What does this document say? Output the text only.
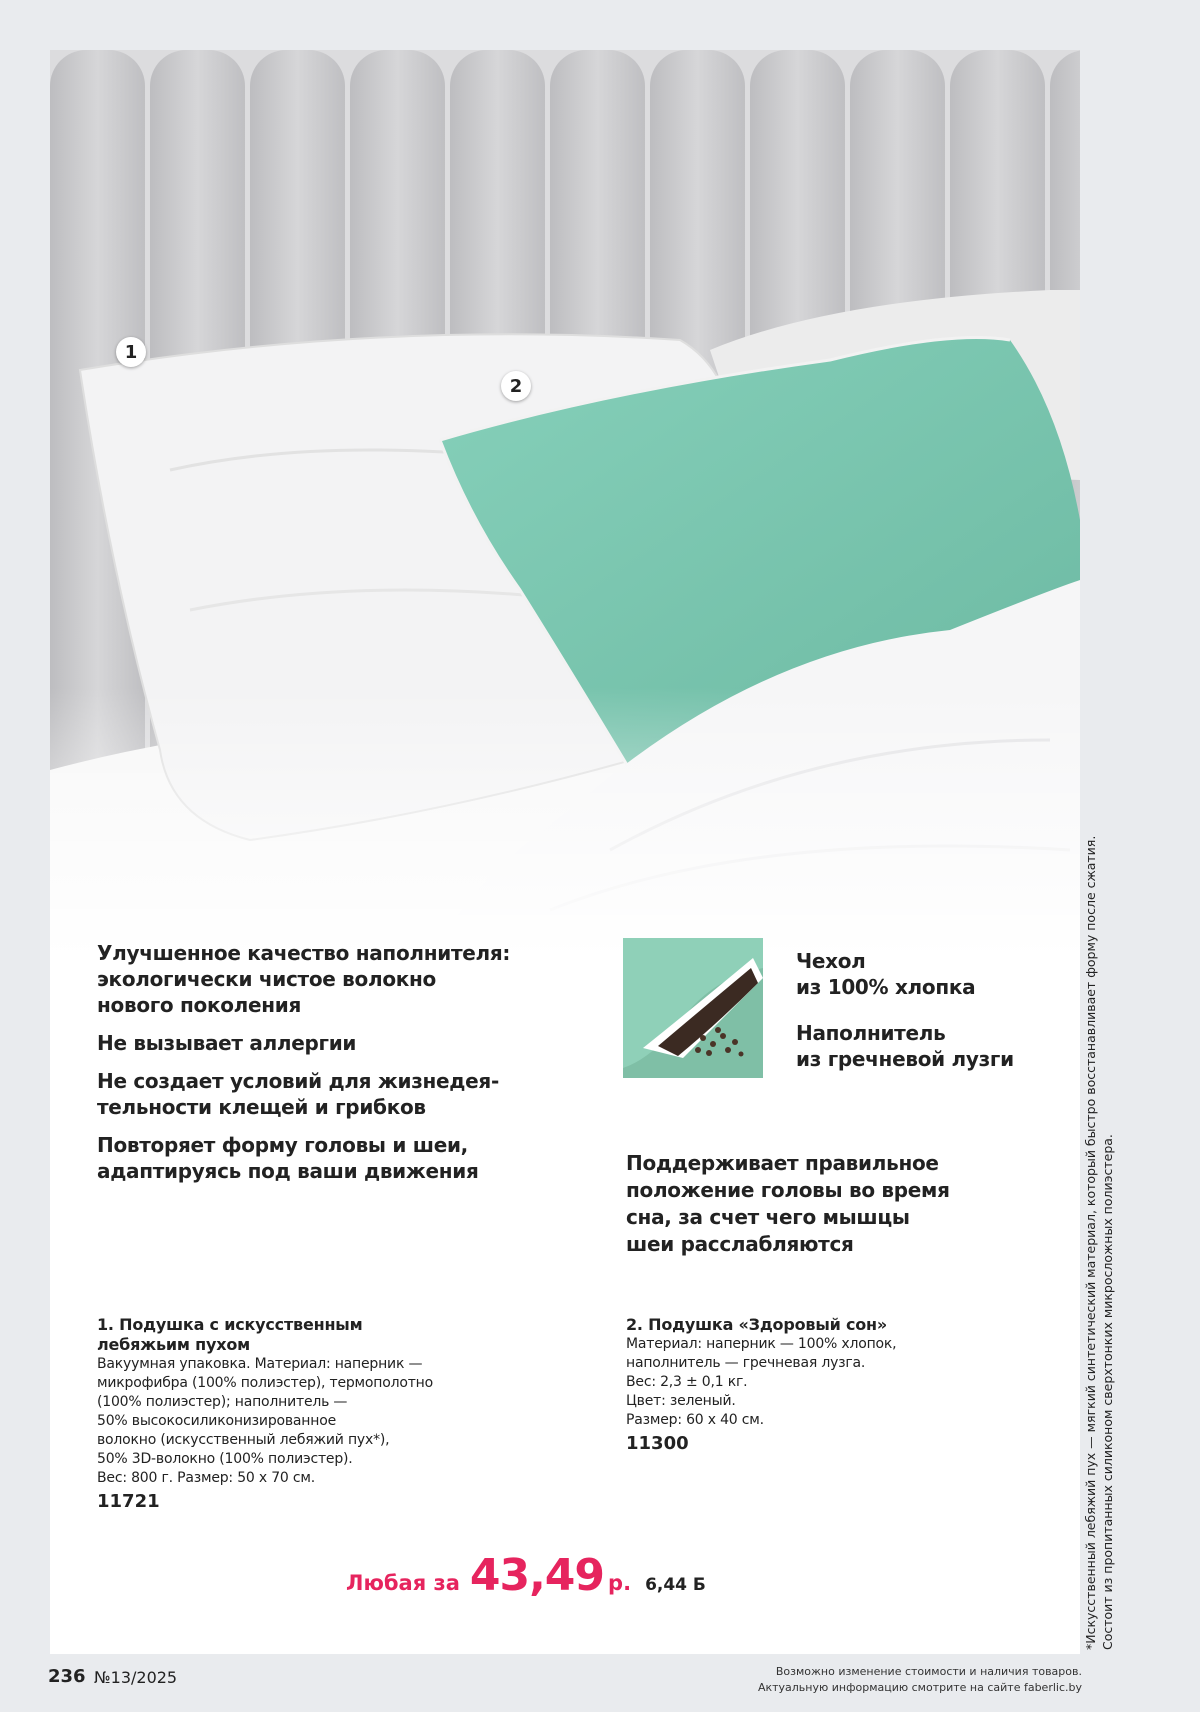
1
2

Улучшенное качество наполнителя:
экологически чистое волокно
нового поколения

Не вызывает аллергии

Не создает условий для жизнедея-
тельности клещей и грибков

Повторяет форму головы и шеи,
адаптируясь под ваши движения

Чехол
из 100% хлопка
Наполнитель
из гречневой лузги
Поддерживает правильное
положение головы во время
сна, за счет чего мышцы
шеи расслабляются
1. Подушка с искусственным
лебяжьим пухом
Вакуумная упаковка. Материал: наперник —
микрофибра (100% полиэстер), термополотно
(100% полиэстер); наполнитель —
50% высокосиликонизированное
волокно (искусственный лебяжий пух*),
50% 3D-волокно (100% полиэстер).
Вес: 800 г. Размер: 50 х 70 см.
11721
2. Подушка «Здоровый сон»
Материал: наперник — 100% хлопок,
наполнитель — гречневая лузга.
Вес: 2,3 ± 0,1 кг.
Цвет: зеленый.
Размер: 60 х 40 см.
11300
Любая за 43,49 р. 6,44 Б	*Искусственный лебяжий пух — мягкий синтетический материал, который быстро восстанавливает форму после сжатия.
Состоит из пропитанных силиконом сверхтонких микросложных полиэстера.
236 №13/2025	Возможно изменение стоимости и наличия товаров.
Актуальную информацию смотрите на сайте faberlic.by
